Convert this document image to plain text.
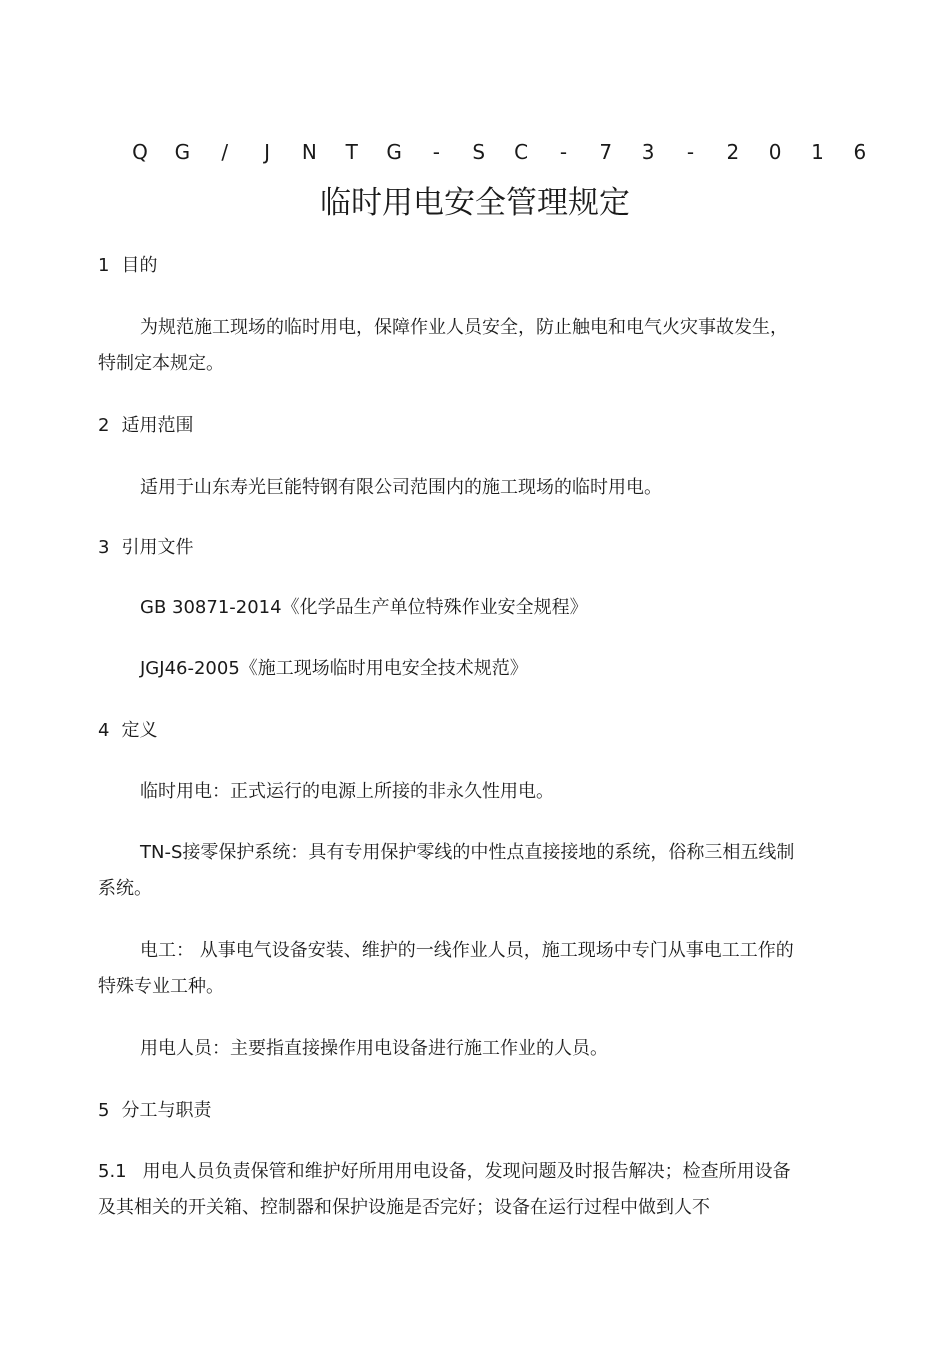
Q G	/	J	N T G	-	S C	-	7 3	-	2 0 1 6
临时用电安全管理规定
1 目的
为规范施工现场的临时用电，保障作业人员安全，防止触电和电气火灾事故发生，特制定本规定。
2 适用范围
适用于山东寿光巨能特钢有限公司范围内的施工现场的临时用电。
3 引用文件
GB 30871-2014《化学品生产单位特殊作业安全规程》
JGJ46-2005《施工现场临时用电安全技术规范》
4 定义
临时用电：正式运行的电源上所接的非永久性用电。
TN-S接零保护系统：具有专用保护零线的中性点直接接地的系统，俗称三相五线制系统。
电工： 从事电气设备安装、维护的一线作业人员，施工现场中专门从事电工工作的特殊专业工种。
用电人员：主要指直接操作用电设备进行施工作业的人员。
5 分工与职责
5.1 用电人员负责保管和维护好所用用电设备，发现问题及时报告解决；检查所用设备及其相关的开关箱、控制器和保护设施是否完好；设备在运行过程中做到人不
